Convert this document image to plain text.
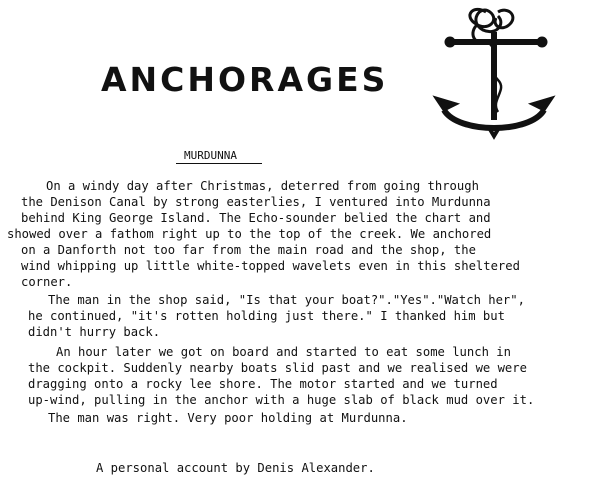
ANCHORAGES
MURDUNNA
On a windy day after Christmas, deterred from going through
the Denison Canal by strong easterlies, I ventured into Murdunna
behind King George Island. The Echo-sounder belied the chart and
showed over a fathom right up to the top of the creek. We anchored
on a Danforth not too far from the main road and the shop, the
wind whipping up little white-topped wavelets even in this sheltered
corner.
The man in the shop said, "Is that your boat?"."Yes"."Watch her",
he continued, "it's rotten holding just there." I thanked him but
didn't hurry back.
An hour later we got on board and started to eat some lunch in
the cockpit. Suddenly nearby boats slid past and we realised we were
dragging onto a rocky lee shore. The motor started and we turned
up-wind, pulling in the anchor with a huge slab of black mud over it.
The man was right. Very poor holding at Murdunna.
A personal account by Denis Alexander.
